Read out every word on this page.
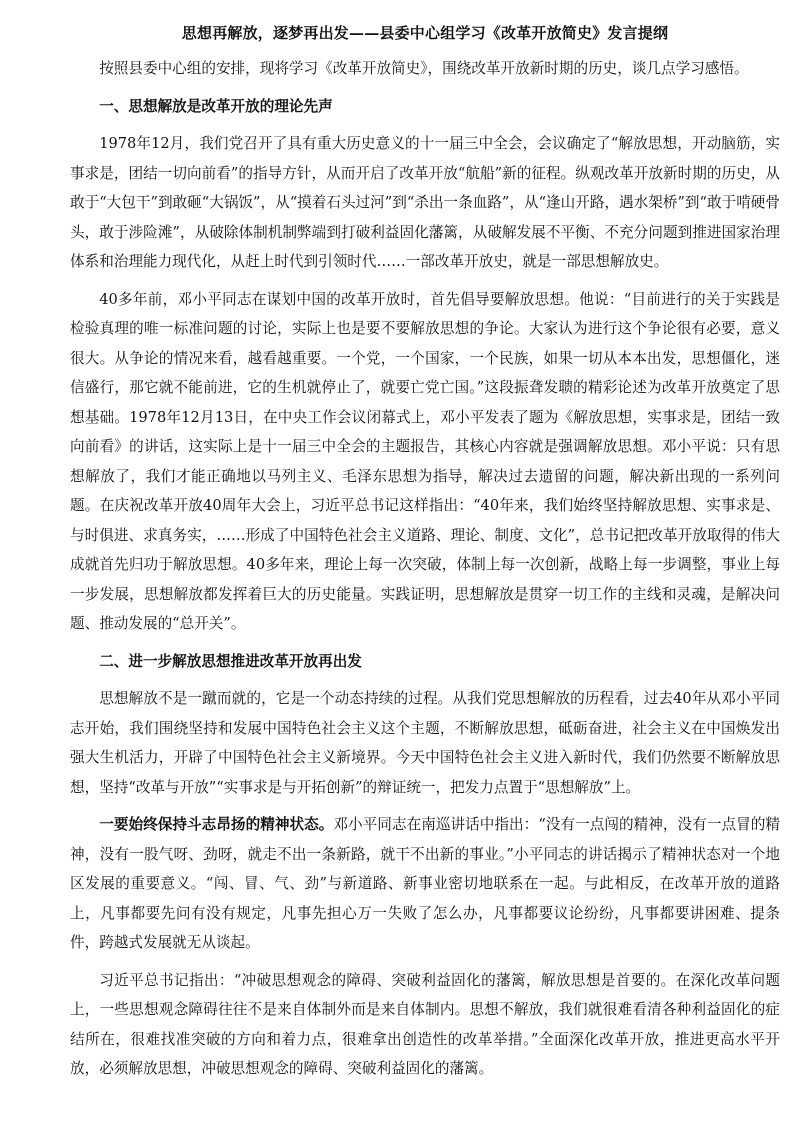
思想再解放，逐梦再出发——县委中心组学习《改革开放简史》发言提纲

按照县委中心组的安排，现将学习《改革开放简史》，围绕改革开放新时期的历史，谈几点学习感悟。

一、思想解放是改革开放的理论先声

1978年12月，我们党召开了具有重大历史意义的十一届三中全会，会议确定了“解放思想，开动脑筋，实事求是，团结一切向前看”的指导方针，从而开启了改革开放“航船”新的征程。纵观改革开放新时期的历史，从敢于“大包干”到敢砸“大锅饭”，从“摸着石头过河”到“杀出一条血路”，从“逢山开路，遇水架桥”到“敢于啃硬骨头，敢于涉险滩”，从破除体制机制弊端到打破利益固化藩篱，从破解发展不平衡、不充分问题到推进国家治理体系和治理能力现代化，从赶上时代到引领时代……一部改革开放史，就是一部思想解放史。

40多年前，邓小平同志在谋划中国的改革开放时，首先倡导要解放思想。他说：“目前进行的关于实践是检验真理的唯一标准问题的讨论，实际上也是要不要解放思想的争论。大家认为进行这个争论很有必要，意义很大。从争论的情况来看，越看越重要。一个党，一个国家，一个民族，如果一切从本本出发，思想僵化，迷信盛行，那它就不能前进，它的生机就停止了，就要亡党亡国。”这段振聋发聩的精彩论述为改革开放奠定了思想基础。1978年12月13日，在中央工作会议闭幕式上，邓小平发表了题为《解放思想，实事求是，团结一致向前看》的讲话，这实际上是十一届三中全会的主题报告，其核心内容就是强调解放思想。邓小平说：只有思想解放了，我们才能正确地以马列主义、毛泽东思想为指导，解决过去遗留的问题，解决新出现的一系列问题。在庆祝改革开放40周年大会上，习近平总书记这样指出：“40年来，我们始终坚持解放思想、实事求是、与时俱进、求真务实，……形成了中国特色社会主义道路、理论、制度、文化”，总书记把改革开放取得的伟大成就首先归功于解放思想。40多年来，理论上每一次突破，体制上每一次创新，战略上每一步调整，事业上每一步发展，思想解放都发挥着巨大的历史能量。实践证明，思想解放是贯穿一切工作的主线和灵魂，是解决问题、推动发展的“总开关”。

二、进一步解放思想推进改革开放再出发

思想解放不是一蹴而就的，它是一个动态持续的过程。从我们党思想解放的历程看，过去40年从邓小平同志开始，我们围绕坚持和发展中国特色社会主义这个主题，不断解放思想，砥砺奋进，社会主义在中国焕发出强大生机活力，开辟了中国特色社会主义新境界。今天中国特色社会主义进入新时代，我们仍然要不断解放思想，坚持“改革与开放”“实事求是与开拓创新”的辩证统一，把发力点置于“思想解放”上。

一要始终保持斗志昂扬的精神状态。邓小平同志在南巡讲话中指出：“没有一点闯的精神，没有一点冒的精神，没有一股气呀、劲呀，就走不出一条新路，就干不出新的事业。”小平同志的讲话揭示了精神状态对一个地区发展的重要意义。“闯、冒、气、劲”与新道路、新事业密切地联系在一起。与此相反，在改革开放的道路上，凡事都要先问有没有规定，凡事先担心万一失败了怎么办，凡事都要议论纷纷，凡事都要讲困难、提条件，跨越式发展就无从谈起。

习近平总书记指出：“冲破思想观念的障碍、突破利益固化的藩篱，解放思想是首要的。在深化改革问题上，一些思想观念障碍往往不是来自体制外而是来自体制内。思想不解放，我们就很难看清各种利益固化的症结所在，很难找准突破的方向和着力点，很难拿出创造性的改革举措。”全面深化改革开放，推进更高水平开放，必须解放思想，冲破思想观念的障碍、突破利益固化的藩篱。
